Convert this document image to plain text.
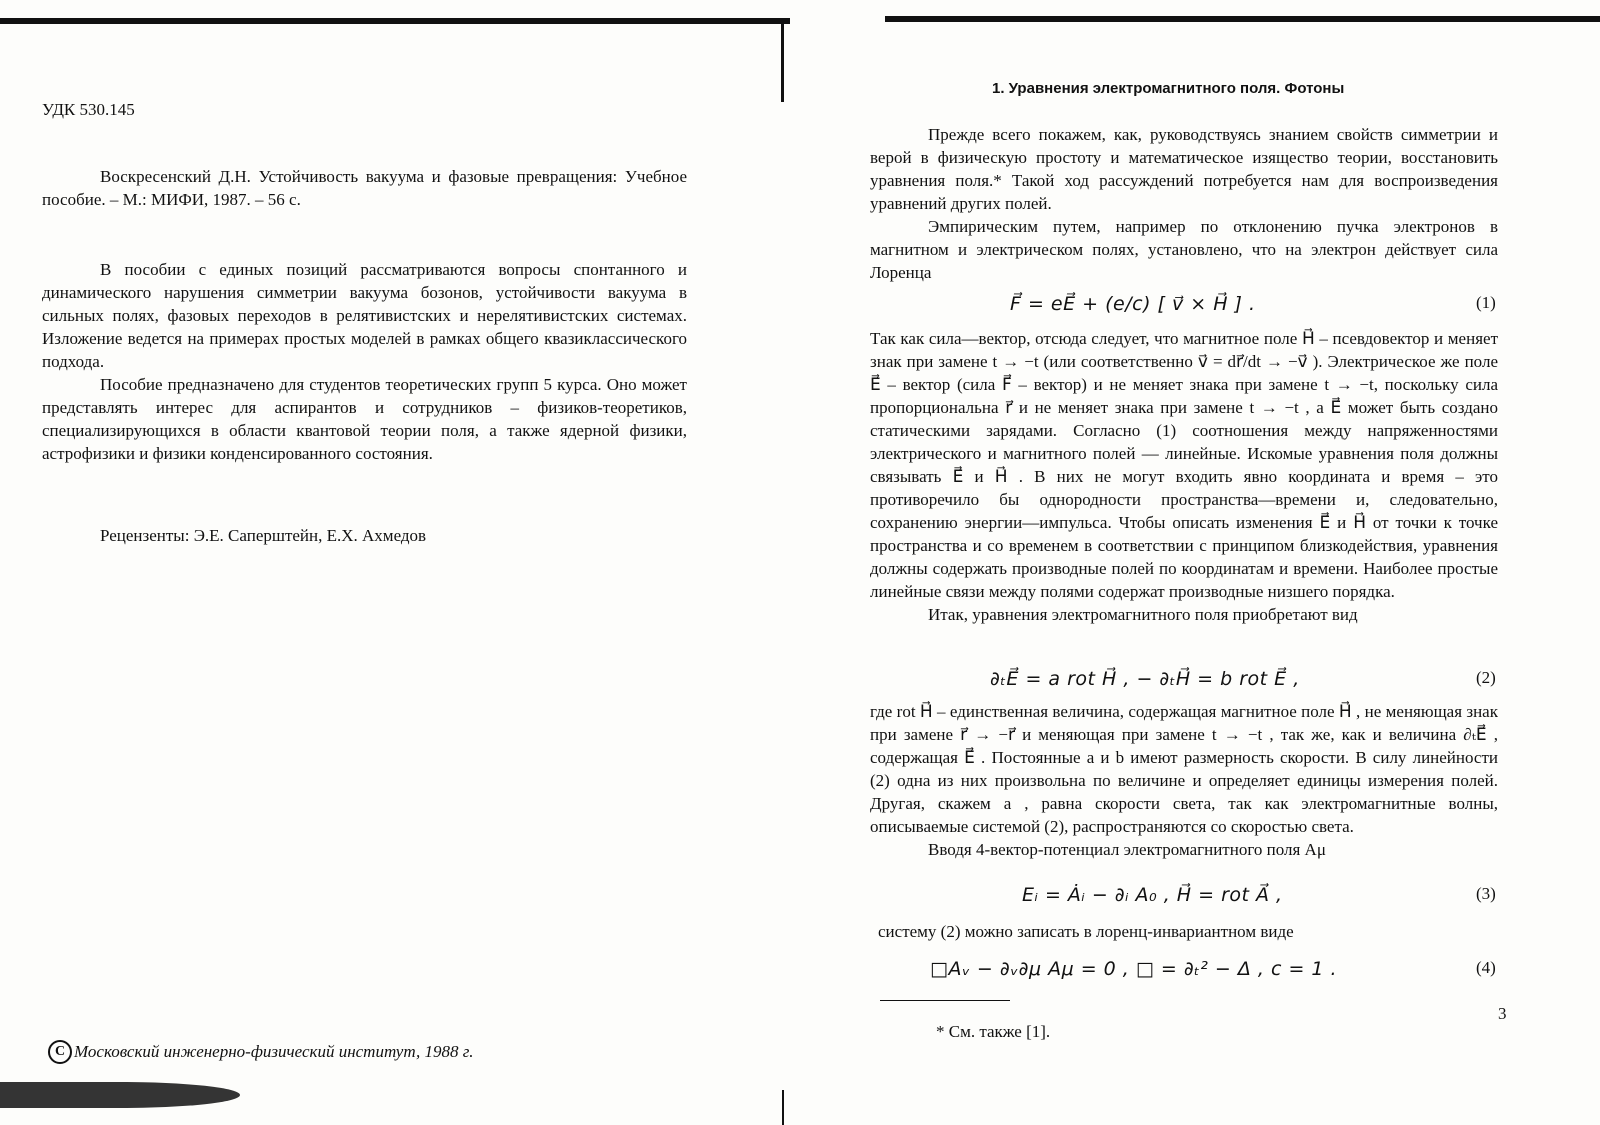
УДК 530.145

Воскресенский Д.Н. Устойчивость вакуума и фазовые превращения: Учебное пособие. – М.: МИФИ, 1987. – 56 с.

В пособии с единых позиций рассматриваются вопросы спонтанного и динамического нарушения симметрии вакуума бозонов, устойчивости вакуума в сильных полях, фазовых переходов в релятивистских и нерелятивистских системах. Изложение ведется на примерах простых моделей в рамках общего квазиклассического подхода.

Пособие предназначено для студентов теоретических групп 5 курса. Оно может представлять интерес для аспирантов и сотрудников – физиков-теоретиков, специализирующихся в области квантовой теории поля, а также ядерной физики, астрофизики и физики конденсированного состояния.

Рецензенты: Э.Е. Саперштейн, Е.Х. Ахмедов
C Московский инженерно-физический институт, 1988 г.
1. Уравнения электромагнитного поля. Фотоны

Прежде всего покажем, как, руководствуясь знанием свойств симметрии и верой в физическую простоту и математическое изящество теории, восстановить уравнения поля.* Такой ход рассуждений потребуется нам для воспроизведения уравнений других полей.

Эмпирическим путем, например по отклонению пучка электронов в магнитном и электрическом полях, установлено, что на электрон действует сила Лоренца

F⃗ = eE⃗ + (e/c) [ v⃗ × H⃗ ] .	(1)

Так как сила—вектор, отсюда следует, что магнитное поле H⃗ – псевдовектор и меняет знак при замене t → −t (или соответственно v⃗ = dr⃗/dt → −v⃗ ). Электрическое же поле E⃗ – вектор (сила F⃗ – вектор) и не меняет знака при замене t → −t, поскольку сила пропорциональна r⃗ и не меняет знака при замене t → −t , а E⃗ может быть создано статическими зарядами. Согласно (1) соотношения между напряженностями электрического и магнитного полей — линейные. Искомые уравнения поля должны связывать E⃗ и H⃗ . В них не могут входить явно координата и время – это противоречило бы однородности пространства—времени и, следовательно, сохранению энергии—импульса. Чтобы описать изменения E⃗ и H⃗ от точки к точке пространства и со временем в соответствии с принципом близкодействия, уравнения должны содержать производные полей по координатам и времени. Наиболее простые линейные связи между полями содержат производные низшего порядка.

Итак, уравнения электромагнитного поля приобретают вид

∂ₜE⃗ = a rot H⃗ , − ∂ₜH⃗ = b rot E⃗ ,	(2)

где rot H⃗ – единственная величина, содержащая магнитное поле H⃗ , не меняющая знак при замене r⃗ → −r⃗ и меняющая при замене t → −t , так же, как и величина ∂ₜE⃗ , содержащая E⃗ . Постоянные a и b имеют размерность скорости. В силу линейности (2) одна из них произвольна по величине и определяет единицы измерения полей. Другая, скажем a , равна скорости света, так как электромагнитные волны, описываемые системой (2), распространяются со скоростью света.

Вводя 4-вектор-потенциал электромагнитного поля Aμ

Eᵢ = Ȧᵢ − ∂ᵢ A₀ , H⃗ = rot A⃗ ,	(3)

систему (2) можно записать в лоренц-инвариантном виде

□Aᵥ − ∂ᵥ∂μ Aμ = 0 , □ = ∂ₜ² − Δ , c = 1 .	(4)
* См. также [1].
3
